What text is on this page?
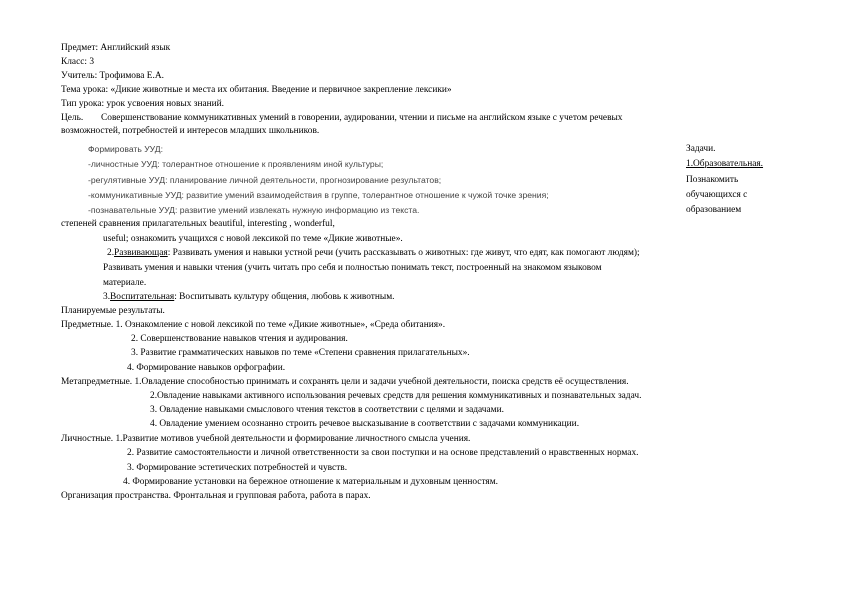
Предмет: Английский язык
Класс: 3
Учитель: Трофимова Е.А.
Тема урока: «Дикие животные и места их обитания. Введение и первичное закрепление лексики»
Тип урока: урок усвоения новых знаний.
Цель. Совершенствование коммуникативных умений в говорении, аудировании, чтении и письме на английском языке с учетом речевых
возможностей, потребностей и интересов младших школьников.
Формировать УУД:
-личностные УУД: толерантное отношение к проявлениям иной культуры;
-регулятивные УУД: планирование личной деятельности, прогнозирование результатов;
-коммуникативные УУД: развитие умений взаимодействия в группе, толерантное отношение к чужой точке зрения;
-познавательные УУД: развитие умений извлекать нужную информацию из текста.
Задачи.
1.Образовательная.
Познакомить
обучающихся с
образованием
степеней сравнения прилагательных beautiful, interesting , wonderful,
useful; ознакомить учащихся с новой лексикой по теме «Дикие животные».
2.Развивающая: Развивать умения и навыки устной речи (учить рассказывать о животных: где живут, что едят, как помогают людям);
Развивать умения и навыки чтения (учить читать про себя и полностью понимать текст, построенный на знакомом языковом
материале.
3.Воспитательная: Воспитывать культуру общения, любовь к животным.
Планируемые результаты.
Предметные. 1. Ознакомление с новой лексикой по теме «Дикие животные», «Среда обитания».
2. Совершенствование навыков чтения и аудирования.
3. Развитие грамматических навыков по теме «Степени сравнения прилагательных».
4. Формирование навыков орфографии.
Метапредметные. 1.Овладение способностью принимать и сохранять цели и задачи учебной деятельности, поиска средств её осуществления.
2.Овладение навыками активного использования речевых средств для решения коммуникативных и познавательных задач.
3. Овладение навыками смыслового чтения текстов в соответствии с целями и задачами.
4. Овладение умением осознанно строить речевое высказывание в соответствии с задачами коммуникации.
Личностные. 1.Развитие мотивов учебной деятельности и формирование личностного смысла учения.
2. Развитие самостоятельности и личной ответственности за свои поступки и на основе представлений о нравственных нормах.
3. Формирование эстетических потребностей и чувств.
4. Формирование установки на бережное отношение к материальным и духовным ценностям.
Организация пространства. Фронтальная и групповая работа, работа в парах.
